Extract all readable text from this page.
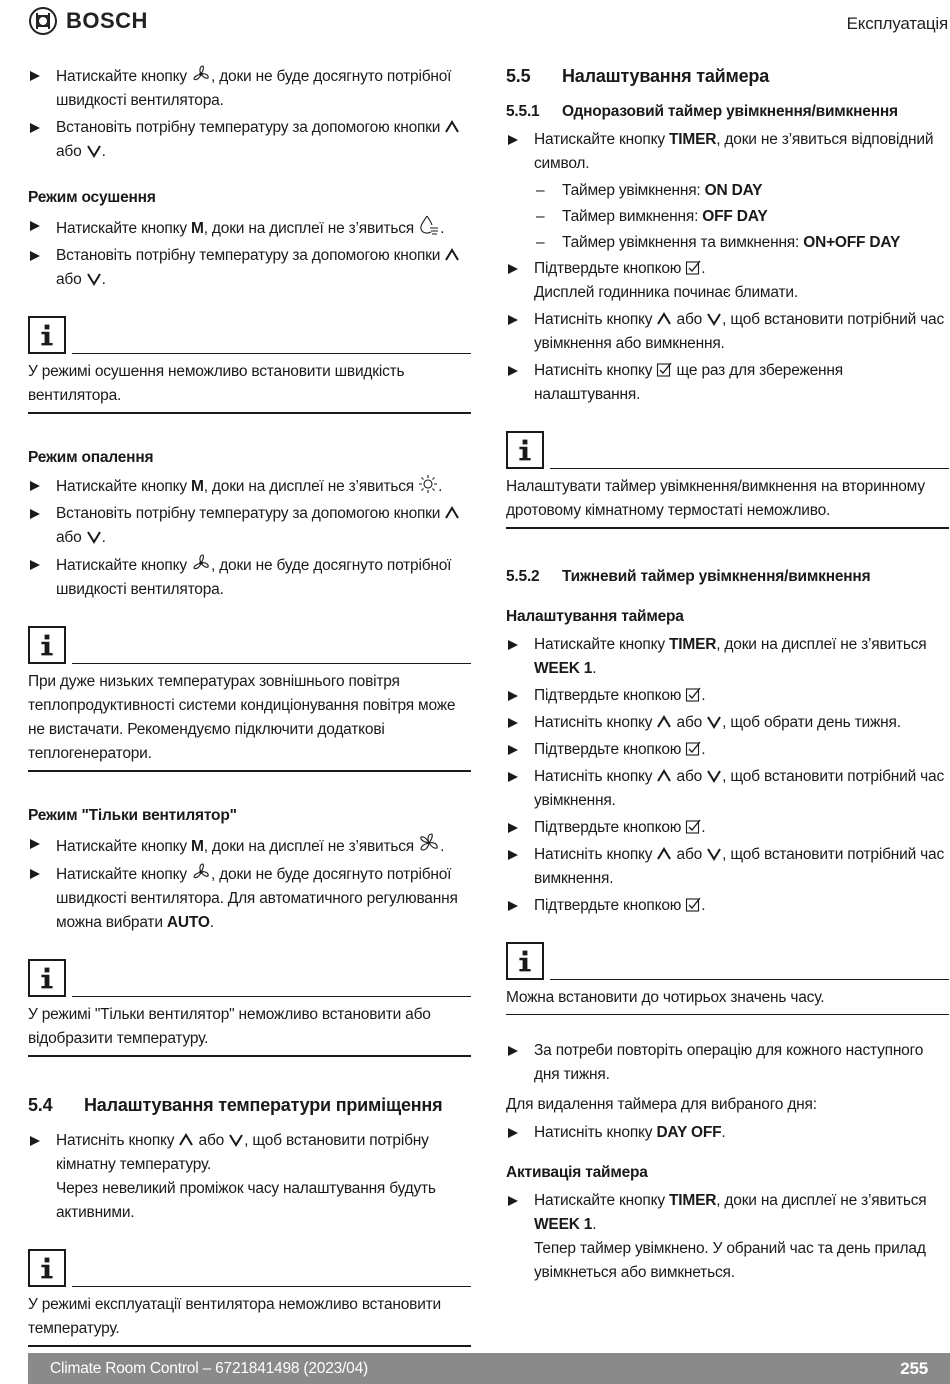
BOSCH	Експлуатація
Натискайте кнопку , доки не буде досягнуто потрібної швидкості вентилятора.
Встановіть потрібну температуру за допомогою кнопки  або .
Режим осушення
Натискайте кнопку M, доки на дисплеї не з’явиться .
Встановіть потрібну температуру за допомогою кнопки  або .
У режимі осушення неможливо встановити швидкість вентилятора.
Режим опалення
Натискайте кнопку M, доки на дисплеї не з’явиться .
Встановіть потрібну температуру за допомогою кнопки  або .
Натискайте кнопку , доки не буде досягнуто потрібної швидкості вентилятора.
При дуже низьких температурах зовнішнього повітря теплопродуктивності системи кондиціонування повітря може не вистачати. Рекомендуємо підключити додаткові теплогенератори.
Режим "Тільки вентилятор"
Натискайте кнопку M, доки на дисплеї не з’явиться .
Натискайте кнопку , доки не буде досягнуто потрібної швидкості вентилятора. Для автоматичного регулювання можна вибрати AUTO.
У режимі "Тільки вентилятор" неможливо встановити або відобразити температуру.
5.4	Налаштування температури приміщення
Натисніть кнопку  або , щоб встановити потрібну кімнатну температуру.
Через невеликий проміжок часу налаштування будуть активними.
У режимі експлуатації вентилятора неможливо встановити температуру.
5.5	Налаштування таймера
5.5.1	Одноразовий таймер увімкнення/вимкнення
Натискайте кнопку TIMER, доки не з’явиться відповідний символ.
– Таймер увімкнення: ON DAY
– Таймер вимкнення: OFF DAY
– Таймер увімкнення та вимкнення: ON+OFF DAY
Підтвердьте кнопкою .
Дисплей годинника починає блимати.
Натисніть кнопку  або , щоб встановити потрібний час увімкнення або вимкнення.
Натисніть кнопку  ще раз для збереження налаштування.
Налаштувати таймер увімкнення/вимкнення на вторинному дротовому кімнатному термостаті неможливо.
5.5.2	Тижневий таймер увімкнення/вимкнення
Налаштування таймера
Натискайте кнопку TIMER, доки на дисплеї не з’явиться WEEK 1.
Підтвердьте кнопкою .
Натисніть кнопку  або , щоб обрати день тижня.
Підтвердьте кнопкою .
Натисніть кнопку  або , щоб встановити потрібний час увімкнення.
Підтвердьте кнопкою .
Натисніть кнопку  або , щоб встановити потрібний час вимкнення.
Підтвердьте кнопкою .
Можна встановити до чотирьох значень часу.
За потреби повторіть операцію для кожного наступного дня тижня.
Для видалення таймера для вибраного дня:
Натисніть кнопку DAY OFF.
Активація таймера
Натискайте кнопку TIMER, доки на дисплеї не з’явиться WEEK 1.
Тепер таймер увімкнено. У обраний час та день прилад увімкнеться або вимкнеться.
Climate Room Control – 6721841498 (2023/04)	255
